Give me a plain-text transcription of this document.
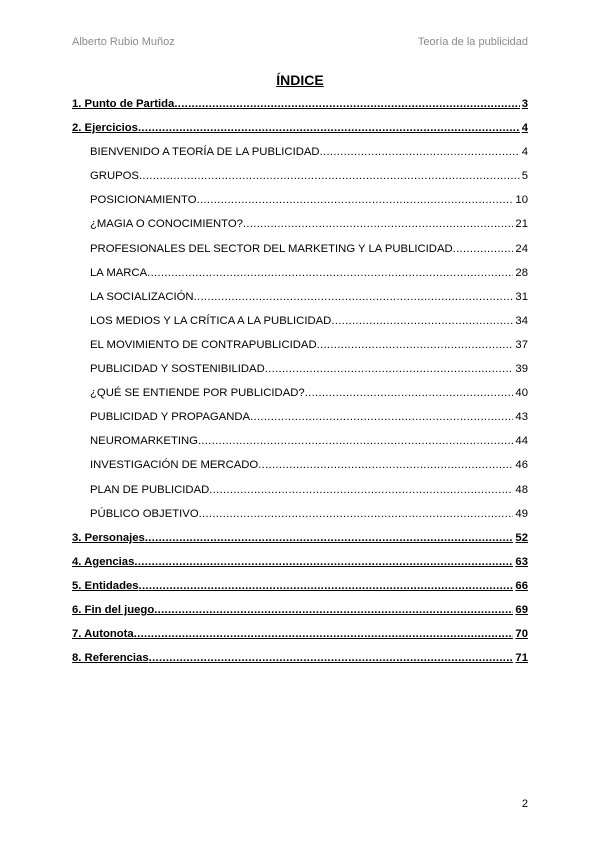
Alberto Rubio Muñoz	Teoría de la publicidad
ÍNDICE
1. Punto de Partida .....	3
2. Ejercicios .....	4
BIENVENIDO A TEORÍA DE LA PUBLICIDAD .....	4
GRUPOS .....	5
POSICIONAMIENTO .....	10
¿MAGIA O CONOCIMIENTO? .....	21
PROFESIONALES DEL SECTOR DEL MARKETING Y LA PUBLICIDAD .....	24
LA MARCA .....	28
LA SOCIALIZACIÓN .....	31
LOS MEDIOS Y LA CRÍTICA A LA PUBLICIDAD .....	34
EL MOVIMIENTO DE CONTRAPUBLICIDAD .....	37
PUBLICIDAD Y SOSTENIBILIDAD .....	39
¿QUÉ SE ENTIENDE POR PUBLICIDAD? .....	40
PUBLICIDAD Y PROPAGANDA .....	43
NEUROMARKETING .....	44
INVESTIGACIÓN DE MERCADO .....	46
PLAN DE PUBLICIDAD .....	48
PÚBLICO OBJETIVO .....	49
3. Personajes .....	52
4. Agencias .....	63
5. Entidades .....	66
6. Fin del juego .....	69
7. Autonota .....	70
8. Referencias .....	71
2
